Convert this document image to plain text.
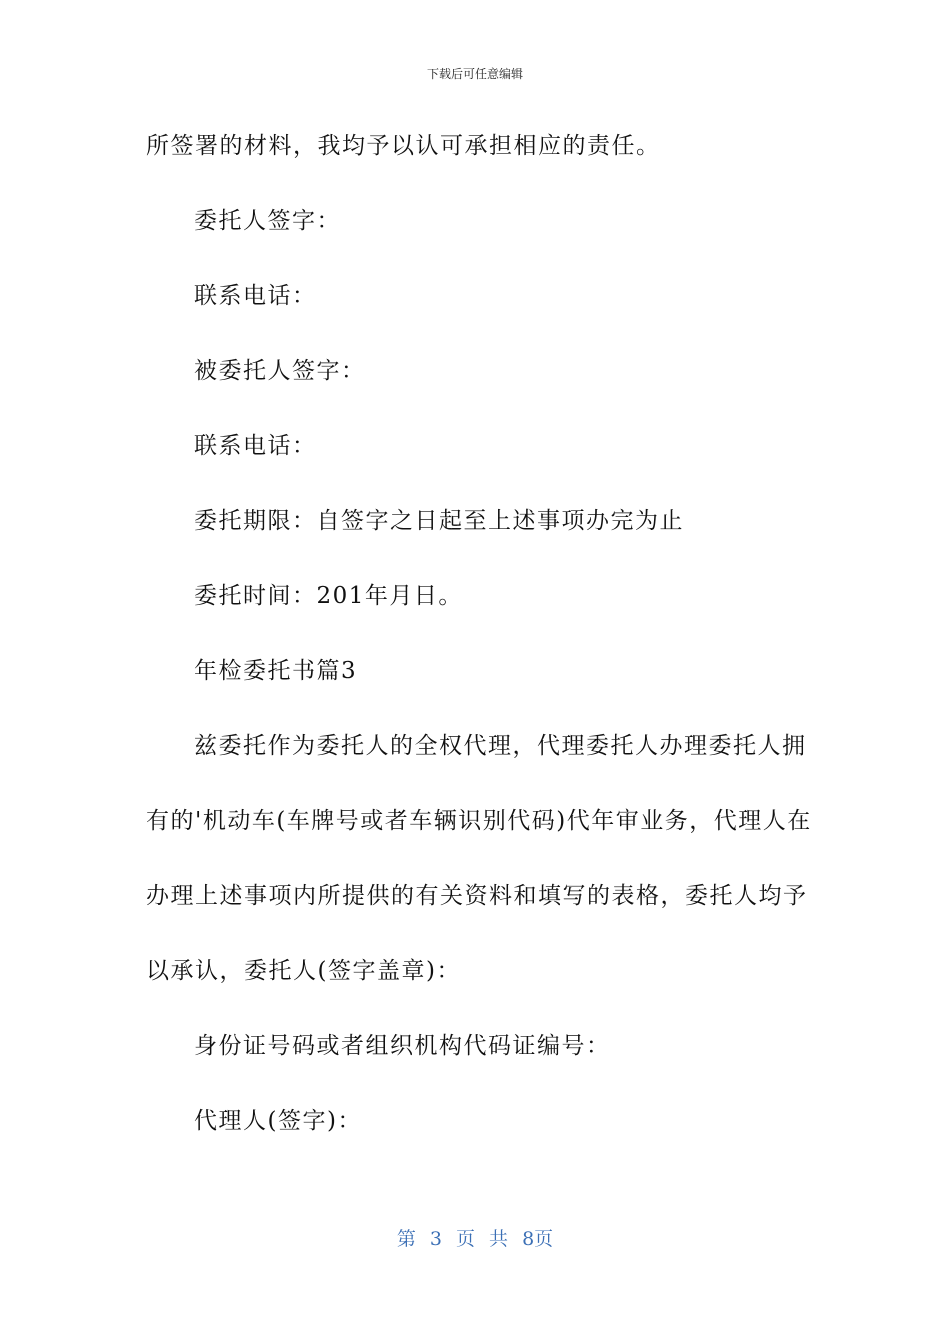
下载后可任意编辑
所签署的材料，我均予以认可承担相应的责任。
委托人签字：
联系电话：
被委托人签字：
联系电话：
委托期限：自签字之日起至上述事项办完为止
委托时间：201年月日。
年检委托书篇3
兹委托作为委托人的全权代理，代理委托人办理委托人拥
有的'机动车(车牌号或者车辆识别代码)代年审业务，代理人在
办理上述事项内所提供的有关资料和填写的表格，委托人均予
以承认，委托人(签字盖章)：
身份证号码或者组织机构代码证编号：
代理人(签字)：
第 3 页 共 8页
